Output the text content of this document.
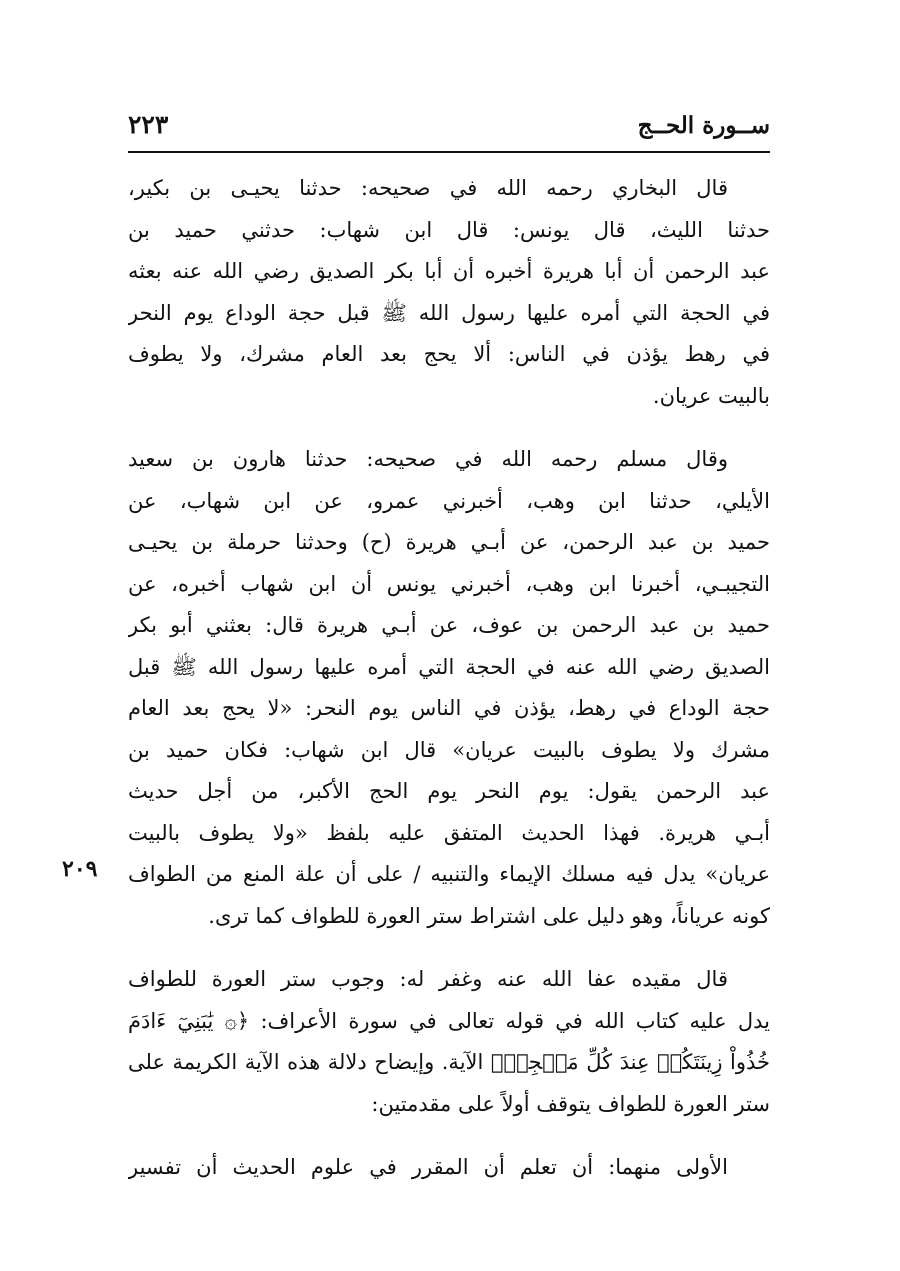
ســورة الحــج
٢٢٣
٢٠٩
قال البخاري رحمه الله في صحيحه: حدثنا يحيـى بن بكير،
حدثنا الليث، قال يونس: قال ابن شهاب: حدثني حميد بن
عبد الرحمن أن أبا هريرة أخبره أن أبا بكر الصديق رضي الله عنه بعثه
في الحجة التي أمره عليها رسول الله ﷺ قبل حجة الوداع يوم النحر
في رهط يؤذن في الناس: ألا يحج بعد العام مشرك، ولا يطوف
بالبيت عريان.
وقال مسلم رحمه الله في صحيحه: حدثنا هارون بن سعيد
الأيلي، حدثنا ابن وهب، أخبرني عمرو، عن ابن شهاب، عن
حميد بن عبد الرحمن، عن أبـي هريرة (ح) وحدثنا حرملة بن يحيـى
التجيبـي، أخبرنا ابن وهب، أخبرني يونس أن ابن شهاب أخبره، عن
حميد بن عبد الرحمن بن عوف، عن أبـي هريرة قال: بعثني أبو بكر
الصديق رضي الله عنه في الحجة التي أمره عليها رسول الله ﷺ قبل
حجة الوداع في رهط، يؤذن في الناس يوم النحر: «لا يحج بعد العام
مشرك ولا يطوف بالبيت عريان» قال ابن شهاب: فكان حميد بن
عبد الرحمن يقول: يوم النحر يوم الحج الأكبر، من أجل حديث
أبـي هريرة. فهذا الحديث المتفق عليه بلفظ «ولا يطوف بالبيت
عريان» يدل فيه مسلك الإيماء والتنبيه / على أن علة المنع من الطواف
كونه عرياناً، وهو دليل على اشتراط ستر العورة للطواف كما ترى.
قال مقيده عفا الله عنه وغفر له: وجوب ستر العورة للطواف
يدل عليه كتاب الله في قوله تعالى في سورة الأعراف: ﴿۞ يَٰبَنِيٓ ءَادَمَ
خُذُواْ زِينَتَكُمۡ عِندَ كُلِّ مَسۡجِدٖ﴾ الآية. وإيضاح دلالة هذه الآية الكريمة على
ستر العورة للطواف يتوقف أولاً على مقدمتين:
الأولى منهما: أن تعلم أن المقرر في علوم الحديث أن تفسير
